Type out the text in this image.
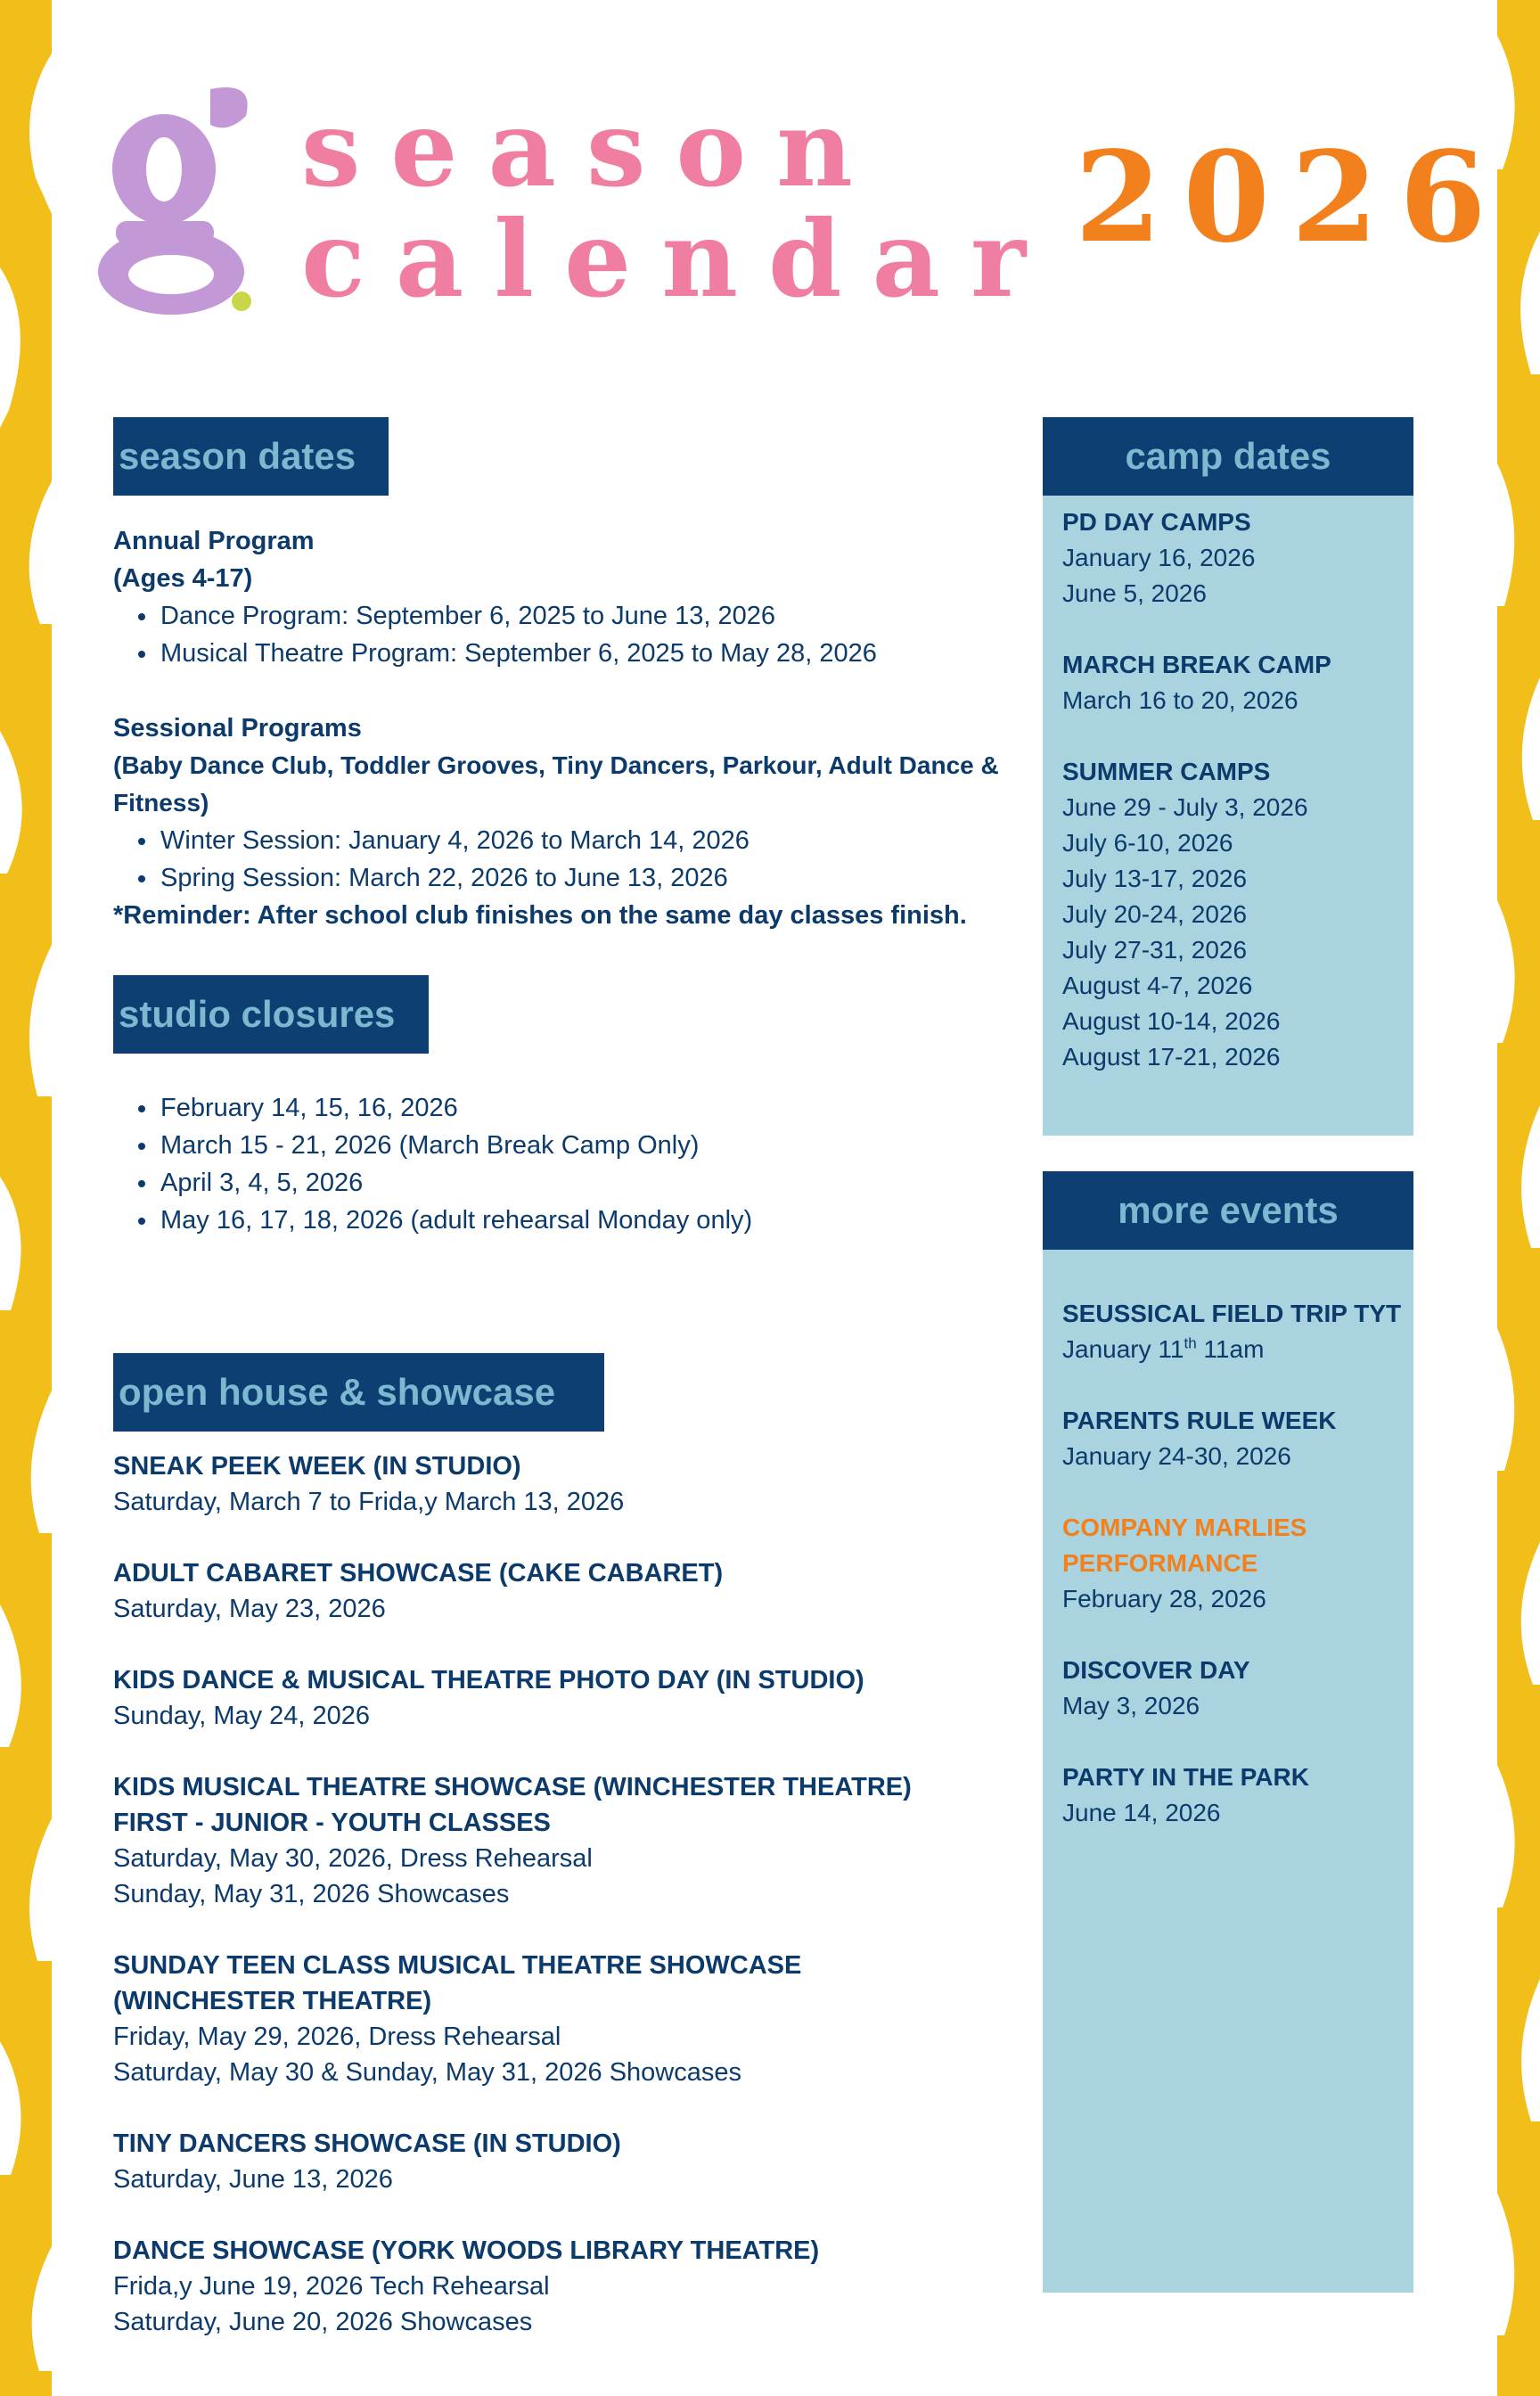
season
calendar 2026
season dates
Annual Program
(Ages 4-17)
• Dance Program: September 6, 2025 to June 13, 2026
• Musical Theatre Program: September 6, 2025 to May 28, 2026
Sessional Programs
(Baby Dance Club, Toddler Grooves, Tiny Dancers, Parkour, Adult Dance & Fitness)
• Winter Session: January 4, 2026 to March 14, 2026
• Spring Session: March 22, 2026 to June 13, 2026
*Reminder: After school club finishes on the same day classes finish.
studio closures
• February 14, 15, 16, 2026
• March 15 - 21, 2026 (March Break Camp Only)
• April 3, 4, 5, 2026
• May 16, 17, 18, 2026 (adult rehearsal Monday only)
open house & showcase
SNEAK PEEK WEEK (IN STUDIO)
Saturday, March 7 to Frida,y March 13, 2026
ADULT CABARET SHOWCASE (CAKE CABARET)
Saturday, May 23, 2026
KIDS DANCE & MUSICAL THEATRE PHOTO DAY (IN STUDIO)
Sunday, May 24, 2026
KIDS MUSICAL THEATRE SHOWCASE (WINCHESTER THEATRE)
FIRST - JUNIOR - YOUTH CLASSES
Saturday, May 30, 2026, Dress Rehearsal
Sunday, May 31, 2026 Showcases
SUNDAY TEEN CLASS MUSICAL THEATRE SHOWCASE
(WINCHESTER THEATRE)
Friday, May 29, 2026, Dress Rehearsal
Saturday, May 30 & Sunday, May 31, 2026 Showcases
TINY DANCERS SHOWCASE (IN STUDIO)
Saturday, June 13, 2026
DANCE SHOWCASE (YORK WOODS LIBRARY THEATRE)
Frida,y June 19, 2026 Tech Rehearsal
Saturday, June 20, 2026 Showcases
camp dates
PD DAY CAMPS
January 16, 2026
June 5, 2026
MARCH BREAK CAMP
March 16 to 20, 2026
SUMMER CAMPS
June 29 - July 3, 2026
July 6-10, 2026
July 13-17, 2026
July 20-24, 2026
July 27-31, 2026
August 4-7, 2026
August 10-14, 2026
August 17-21, 2026
more events
SEUSSICAL FIELD TRIP TYT
January 11th 11am
PARENTS RULE WEEK
January 24-30, 2026
COMPANY MARLIES
PERFORMANCE
February 28, 2026
DISCOVER DAY
May 3, 2026
PARTY IN THE PARK
June 14, 2026
